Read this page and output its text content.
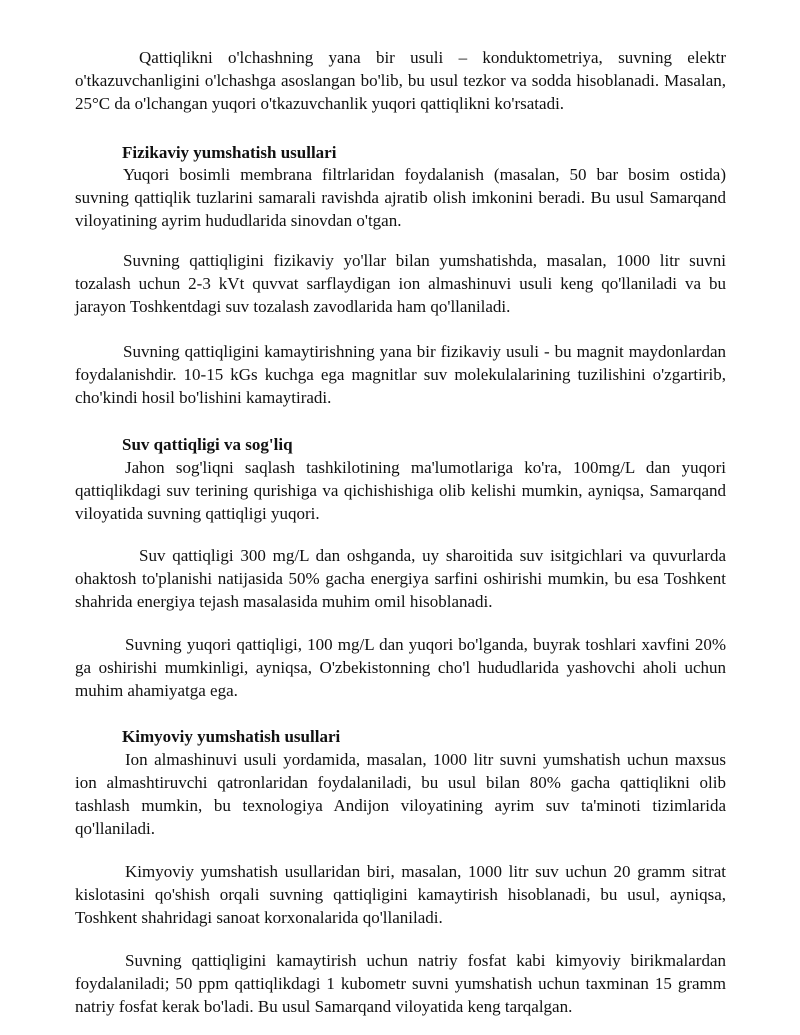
Qattiqlikni o'lchashning yana bir usuli – konduktometriya, suvning elektr o'tkazuvchanligini o'lchashga asoslangan bo'lib, bu usul tezkor va sodda hisoblanadi. Masalan, 25°C da o'lchangan yuqori o'tkazuvchanlik yuqori qattiqlikni ko'rsatadi.

Fizikaviy yumshatish usullari

Yuqori bosimli membrana filtrlaridan foydalanish (masalan, 50 bar bosim ostida) suvning qattiqlik tuzlarini samarali ravishda ajratib olish imkonini beradi. Bu usul Samarqand viloyatining ayrim hududlarida sinovdan o'tgan.

Suvning qattiqligini fizikaviy yo'llar bilan yumshatishda, masalan, 1000 litr suvni tozalash uchun 2-3 kVt quvvat sarflaydigan ion almashinuvi usuli keng qo'llaniladi va bu jarayon Toshkentdagi suv tozalash zavodlarida ham qo'llaniladi.

Suvning qattiqligini kamaytirishning yana bir fizikaviy usuli - bu magnit maydonlardan foydalanishdir. 10-15 kGs kuchga ega magnitlar suv molekulalarining tuzilishini o'zgartirib, cho'kindi hosil bo'lishini kamaytiradi.

Suv qattiqligi va sog'liq

Jahon sog'liqni saqlash tashkilotining ma'lumotlariga ko'ra, 100mg/L dan yuqori qattiqlikdagi suv terining qurishiga va qichishishiga olib kelishi mumkin, ayniqsa, Samarqand viloyatida suvning qattiqligi yuqori.

Suv qattiqligi 300 mg/L dan oshganda, uy sharoitida suv isitgichlari va quvurlarda ohaktosh to'planishi natijasida 50% gacha energiya sarfini oshirishi mumkin, bu esa Toshkent shahrida energiya tejash masalasida muhim omil hisoblanadi.

Suvning yuqori qattiqligi, 100 mg/L dan yuqori bo'lganda, buyrak toshlari xavfini 20% ga oshirishi mumkinligi, ayniqsa, O'zbekistonning cho'l hududlarida yashovchi aholi uchun muhim ahamiyatga ega.

Kimyoviy yumshatish usullari

Ion almashinuvi usuli yordamida, masalan, 1000 litr suvni yumshatish uchun maxsus ion almashtiruvchi qatronlaridan foydalaniladi, bu usul bilan 80% gacha qattiqlikni olib tashlash mumkin, bu texnologiya Andijon viloyatining ayrim suv ta'minoti tizimlarida qo'llaniladi.

Kimyoviy yumshatish usullaridan biri, masalan, 1000 litr suv uchun 20 gramm sitrat kislotasini qo'shish orqali suvning qattiqligini kamaytirish hisoblanadi, bu usul, ayniqsa, Toshkent shahridagi sanoat korxonalarida qo'llaniladi.

Suvning qattiqligini kamaytirish uchun natriy fosfat kabi kimyoviy birikmalardan foydalaniladi; 50 ppm qattiqlikdagi 1 kubometr suvni yumshatish uchun taxminan 15 gramm natriy fosfat kerak bo'ladi. Bu usul Samarqand viloyatida keng tarqalgan.
